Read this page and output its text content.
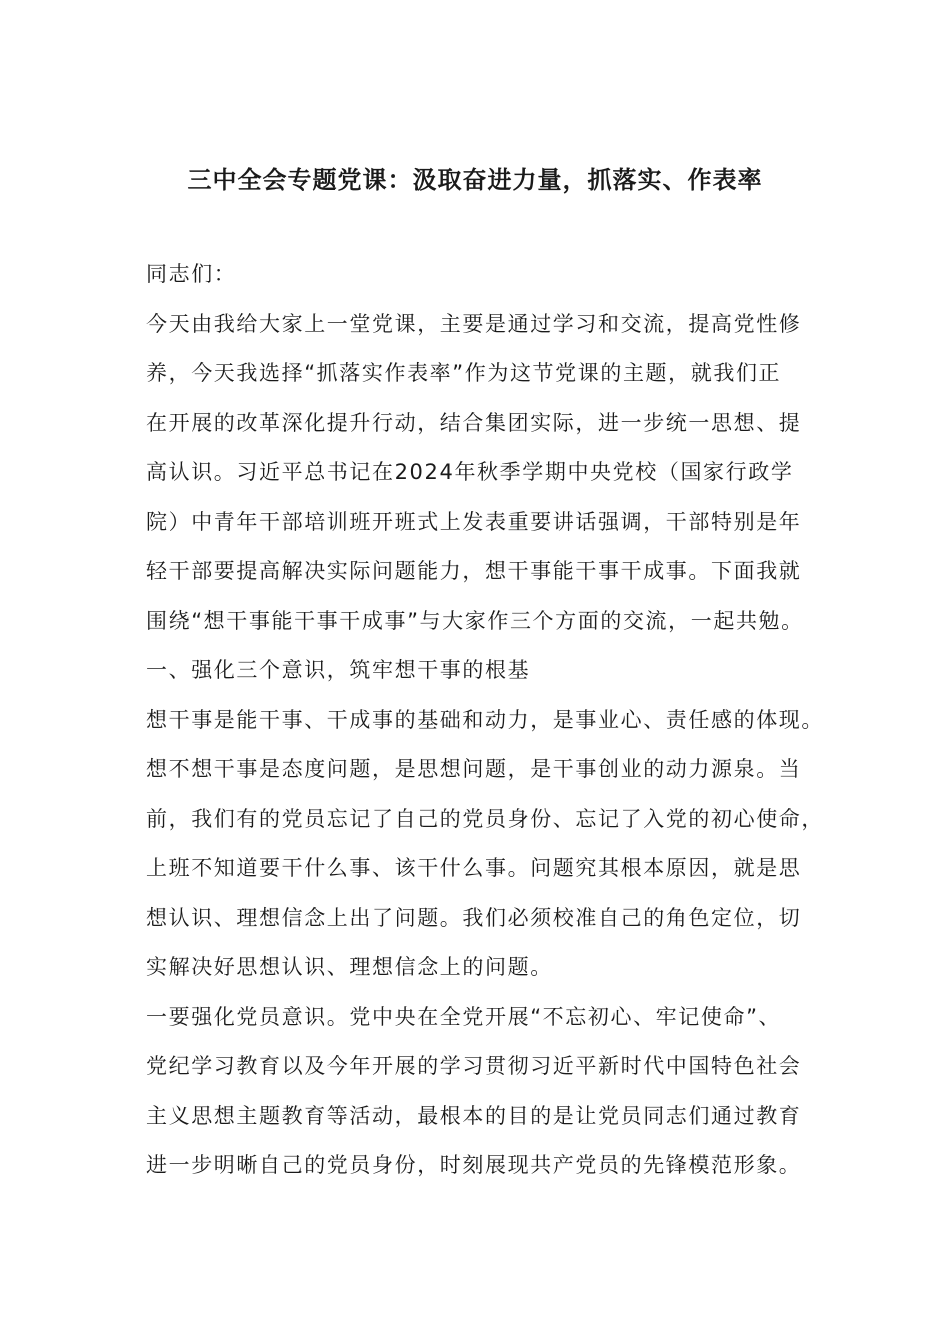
三中全会专题党课：汲取奋进力量，抓落实、作表率
同志们：
今天由我给大家上一堂党课，主要是通过学习和交流，提高党性修
养，今天我选择“抓落实作表率”作为这节党课的主题，就我们正
在开展的改革深化提升行动，结合集团实际，进一步统一思想、提
高认识。习近平总书记在2024年秋季学期中央党校（国家行政学
院）中青年干部培训班开班式上发表重要讲话强调，干部特别是年
轻干部要提高解决实际问题能力，想干事能干事干成事。下面我就
围绕“想干事能干事干成事”与大家作三个方面的交流，一起共勉。
一、强化三个意识，筑牢想干事的根基
想干事是能干事、干成事的基础和动力，是事业心、责任感的体现。
想不想干事是态度问题，是思想问题，是干事创业的动力源泉。当
前，我们有的党员忘记了自己的党员身份、忘记了入党的初心使命，
上班不知道要干什么事、该干什么事。问题究其根本原因，就是思
想认识、理想信念上出了问题。我们必须校准自己的角色定位，切
实解决好思想认识、理想信念上的问题。
一要强化党员意识。党中央在全党开展“不忘初心、牢记使命”、
党纪学习教育以及今年开展的学习贯彻习近平新时代中国特色社会
主义思想主题教育等活动，最根本的目的是让党员同志们通过教育
进一步明晰自己的党员身份，时刻展现共产党员的先锋模范形象。
